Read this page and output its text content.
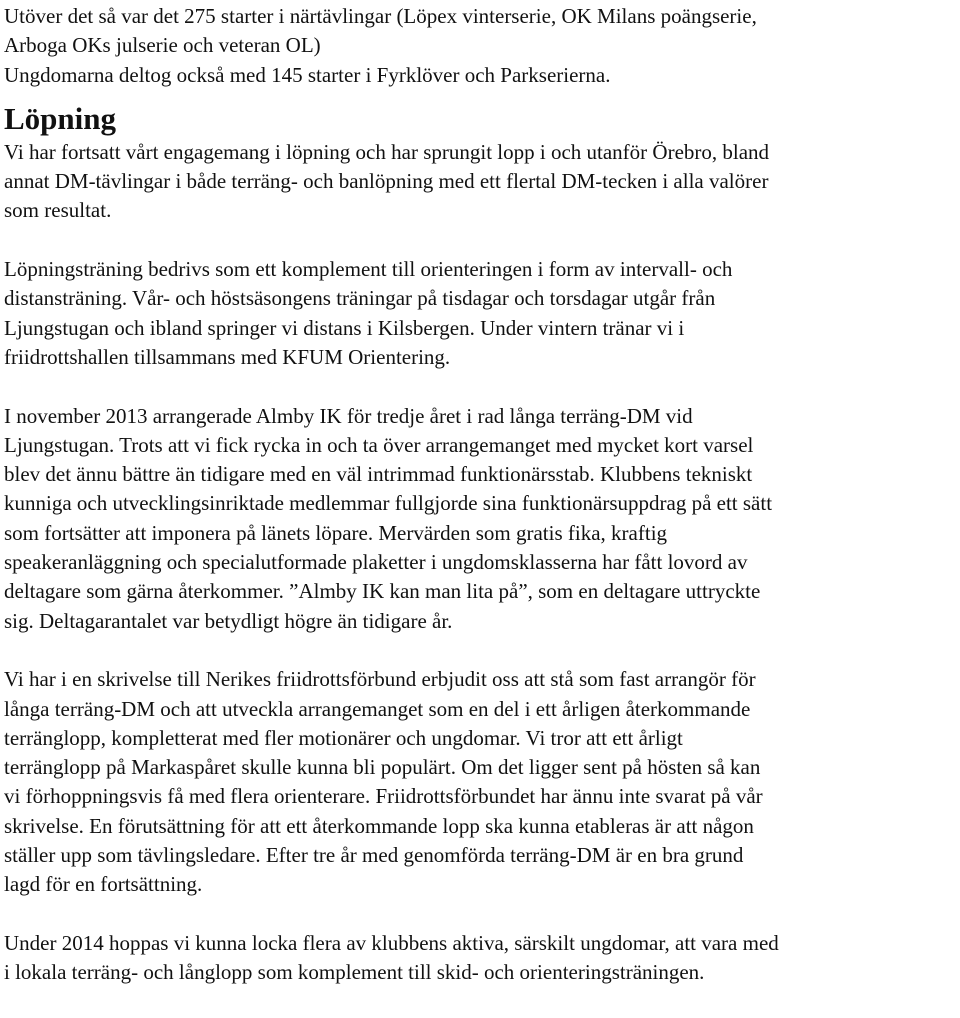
Utöver det så var det 275 starter i närtävlingar (Löpex vinterserie, OK Milans poängserie,
Arboga OKs julserie och veteran OL)
Ungdomarna deltog också med 145 starter i Fyrklöver och Parkserierna.
Löpning
Vi har fortsatt vårt engagemang i löpning och har sprungit lopp i och utanför Örebro, bland
annat DM-tävlingar i både terräng- och banlöpning med ett flertal DM-tecken i alla valörer
som resultat.
Löpningsträning bedrivs som ett komplement till orienteringen i form av intervall- och
distansträning. Vår- och höstsäsongens träningar på tisdagar och torsdagar utgår från
Ljungstugan och ibland springer vi distans i Kilsbergen. Under vintern tränar vi i
friidrottshallen tillsammans med KFUM Orientering.
I november 2013 arrangerade Almby IK för tredje året i rad långa terräng-DM vid
Ljungstugan. Trots att vi fick rycka in och ta över arrangemanget med mycket kort varsel
blev det ännu bättre än tidigare med en väl intrimmad funktionärsstab. Klubbens tekniskt
kunniga och utvecklingsinriktade medlemmar fullgjorde sina funktionärsuppdrag på ett sätt
som fortsätter att imponera på länets löpare. Mervärden som gratis fika, kraftig
speakeranläggning och specialutformade plaketter i ungdomsklasserna har fått lovord av
deltagare som gärna återkommer. ”Almby IK kan man lita på”, som en deltagare uttryckte
sig. Deltagarantalet var betydligt högre än tidigare år.
Vi har i en skrivelse till Nerikes friidrottsförbund erbjudit oss att stå som fast arrangör för
långa terräng-DM och att utveckla arrangemanget som en del i ett årligen återkommande
terränglopp, kompletterat med fler motionärer och ungdomar. Vi tror att ett årligt
terränglopp på Markaspåret skulle kunna bli populärt. Om det ligger sent på hösten så kan
vi förhoppningsvis få med flera orienterare. Friidrottsförbundet har ännu inte svarat på vår
skrivelse. En förutsättning för att ett återkommande lopp ska kunna etableras är att någon
ställer upp som tävlingsledare. Efter tre år med genomförda terräng-DM är en bra grund
lagd för en fortsättning.
Under 2014 hoppas vi kunna locka flera av klubbens aktiva, särskilt ungdomar, att vara med
i lokala terräng- och långlopp som komplement till skid- och orienteringsträningen.
